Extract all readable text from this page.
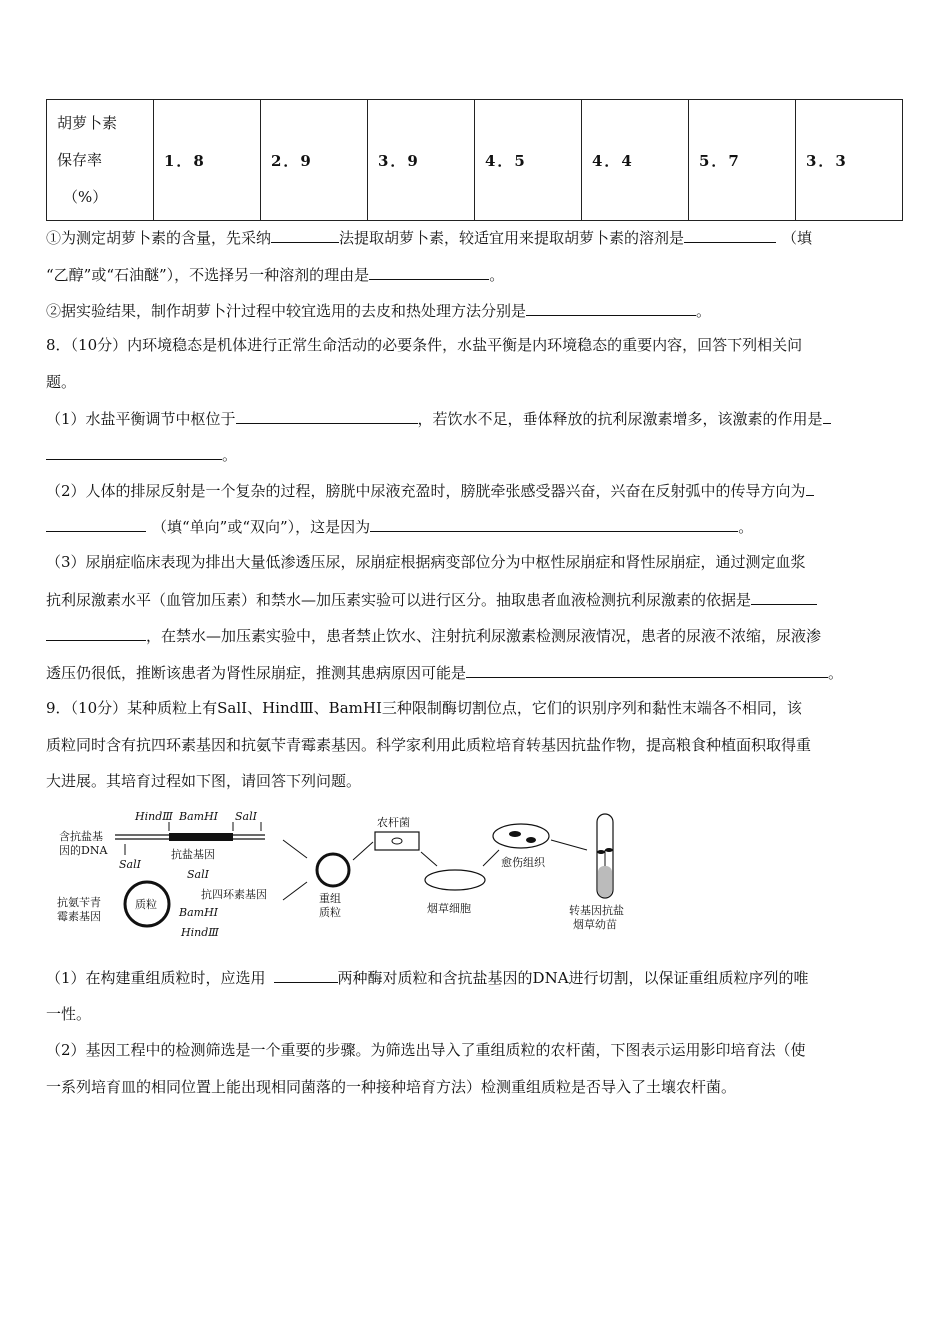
胡萝卜素
保存率
（%）
	1．8	2．9	3．9	4．5	4．4	5．7	3．3
①为测定胡萝卜素的含量，先采纳	法提取胡萝卜素，较适宜用来提取胡萝卜素的溶剂是	（填
“乙醇”或“石油醚”），不选择另一种溶剂的理由是	。
②据实验结果，制作胡萝卜汁过程中较宜选用的去皮和热处理方法分别是	。
8．（10分）内环境稳态是机体进行正常生命活动的必要条件，水盐平衡是内环境稳态的重要内容，回答下列相关问
题。
（1）水盐平衡调节中枢位于	，若饮水不足，垂体释放的抗利尿激素增多，该激素的作用是
。
（2）人体的排尿反射是一个复杂的过程，膀胱中尿液充盈时，膀胱牵张感受器兴奋，兴奋在反射弧中的传导方向为
（填“单向”或“双向”），这是因为	。
（3）尿崩症临床表现为排出大量低渗透压尿，尿崩症根据病变部位分为中枢性尿崩症和肾性尿崩症，通过测定血浆
抗利尿激素水平（血管加压素）和禁水—加压素实验可以进行区分。抽取患者血液检测抗利尿激素的依据是
，在禁水—加压素实验中，患者禁止饮水、注射抗利尿激素检测尿液情况，患者的尿液不浓缩，尿液渗
透压仍很低，推断该患者为肾性尿崩症，推测其患病原因可能是	。
9．（10分）某种质粒上有SalⅠ、HindⅢ、BamHⅠ三种限制酶切割位点，它们的识别序列和黏性末端各不相同，该
质粒同时含有抗四环素基因和抗氨苄青霉素基因。科学家利用此质粒培育转基因抗盐作物，提高粮食种植面积取得重
大进展。其培育过程如下图，请回答下列问题。
含抗盐基
因的DNA
HindⅢ BamHⅠ SalⅠ
抗盐基因
SalⅠ
质粒
抗氨苄青
霉素基因
SalⅠ
抗四环素基因
BamHⅠ
HindⅢ
重组
质粒
农杆菌
烟草细胞
愈伤组织
转基因抗盐
烟草幼苗
（1）在构建重组质粒时，应选用	两种酶对质粒和含抗盐基因的DNA进行切割，以保证重组质粒序列的唯
一性。
（2）基因工程中的检测筛选是一个重要的步骤。为筛选出导入了重组质粒的农杆菌，下图表示运用影印培育法（使
一系列培育皿的相同位置上能出现相同菌落的一种接种培育方法）检测重组质粒是否导入了土壤农杆菌。
